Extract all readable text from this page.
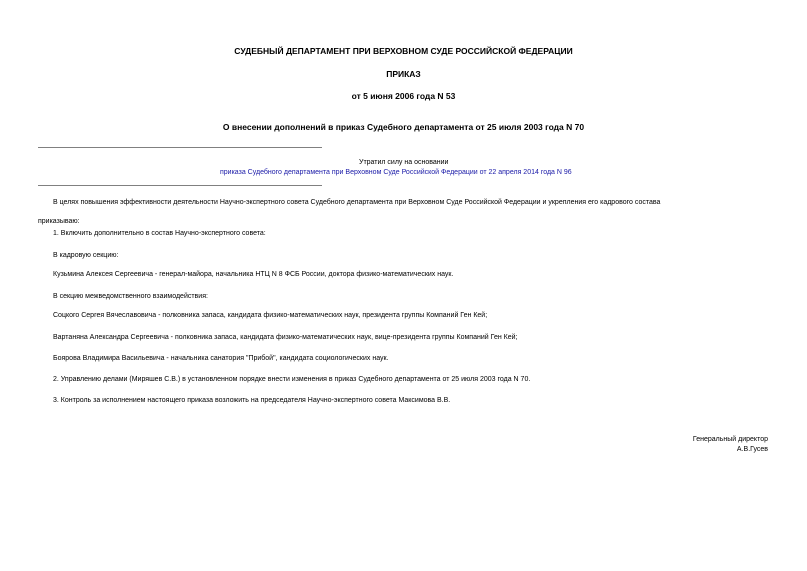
СУДЕБНЫЙ ДЕПАРТАМЕНТ ПРИ ВЕРХОВНОМ СУДЕ РОССИЙСКОЙ ФЕДЕРАЦИИ
ПРИКАЗ
от 5 июня 2006 года N 53
О внесении дополнений в приказ Судебного департамента от 25 июля 2003 года N 70
Утратил силу на основании
приказа Судебного департамента при Верховном Суде Российской Федерации от 22 апреля 2014 года N 96
В целях повышения эффективности деятельности Научно-экспертного совета Судебного департамента при Верховном Суде Российской Федерации и укрепления его кадрового состава
приказываю:
1. Включить дополнительно в состав Научно-экспертного совета:
В кадровую секцию:
Кузьмина Алексея Сергеевича - генерал-майора, начальника НТЦ N 8 ФСБ России, доктора физико-математических наук.
В секцию межведомственного взаимодействия:
Соцкого Сергея Вячеславовича - полковника запаса, кандидата физико-математических наук, президента группы Компаний Ген Кей;
Вартаняна Александра Сергеевича - полковника запаса, кандидата физико-математических наук, вице-президента группы Компаний Ген Кей;
Бояровa Владимира Васильевича - начальника санатория "Прибой", кандидата социологических наук.
2. Управлению делами (Миряшев С.В.) в установленном порядке внести изменения в приказ Судебного департамента от 25 июля 2003 года N 70.
3. Контроль за исполнением настоящего приказа возложить на председателя Научно-экспертного совета Максимова В.В.
Генеральный директор
А.В.Гусев
